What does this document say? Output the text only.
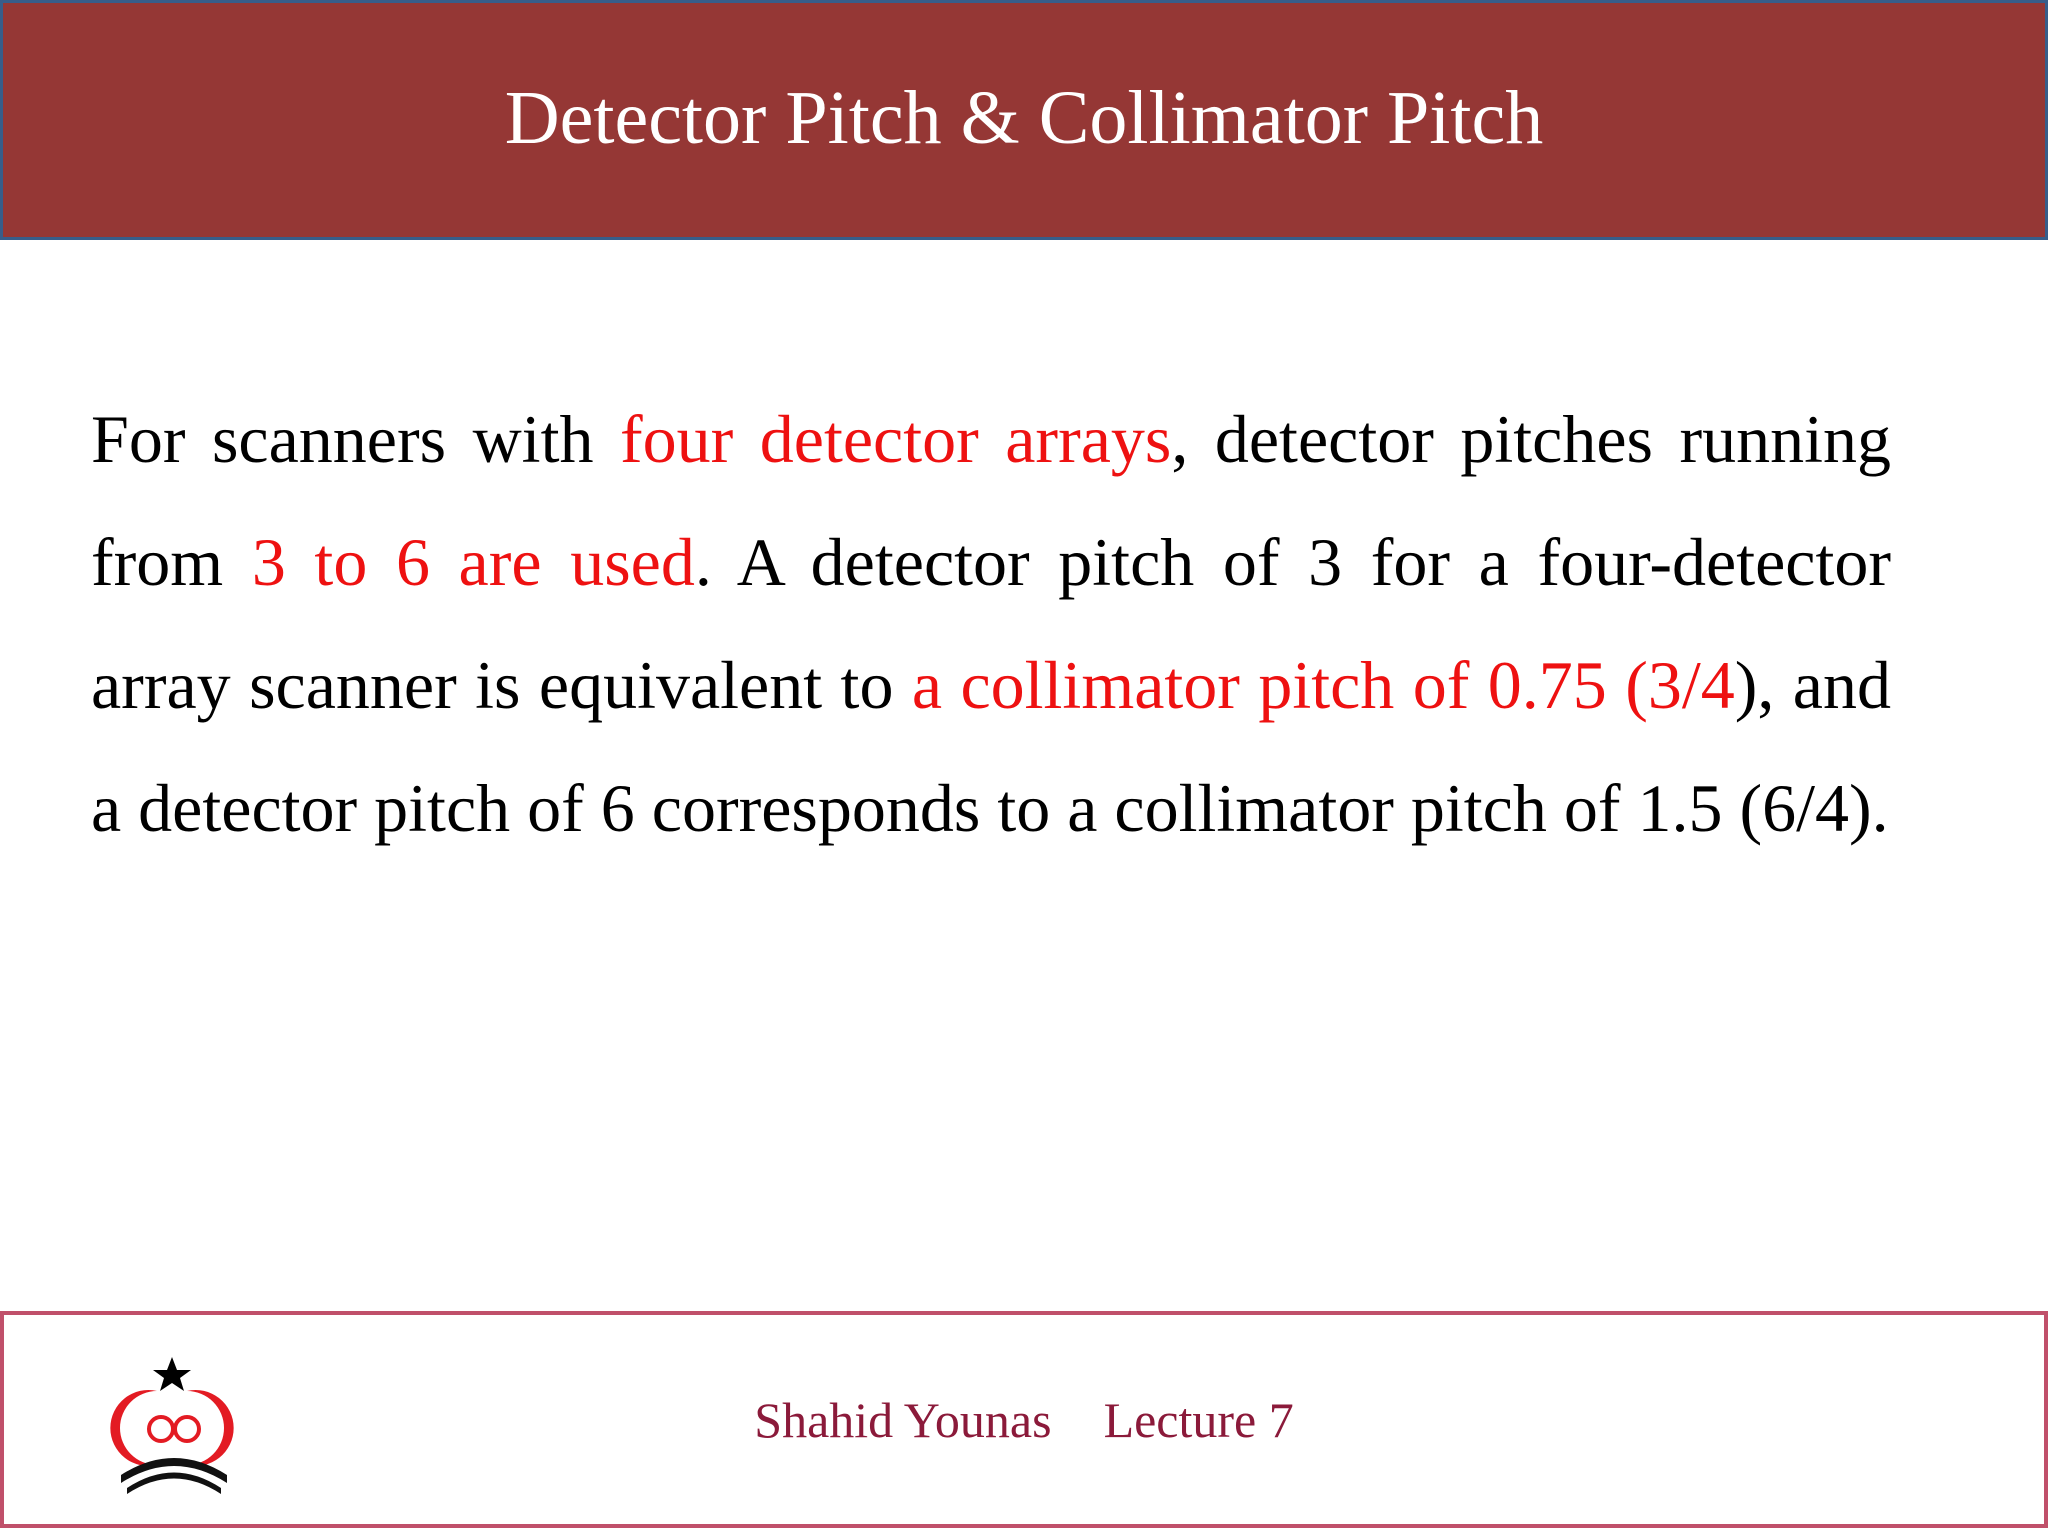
Detector Pitch & Collimator Pitch

For scanners with four detector arrays, detector pitches running from 3 to 6 are used. A detector pitch of 3 for a four-detector array scanner is equivalent to a collimator pitch of 0.75 (3/4), and a detector pitch of 6 corresponds to a collimator pitch of 1.5 (6/4).

Shahid Younas Lecture 7
